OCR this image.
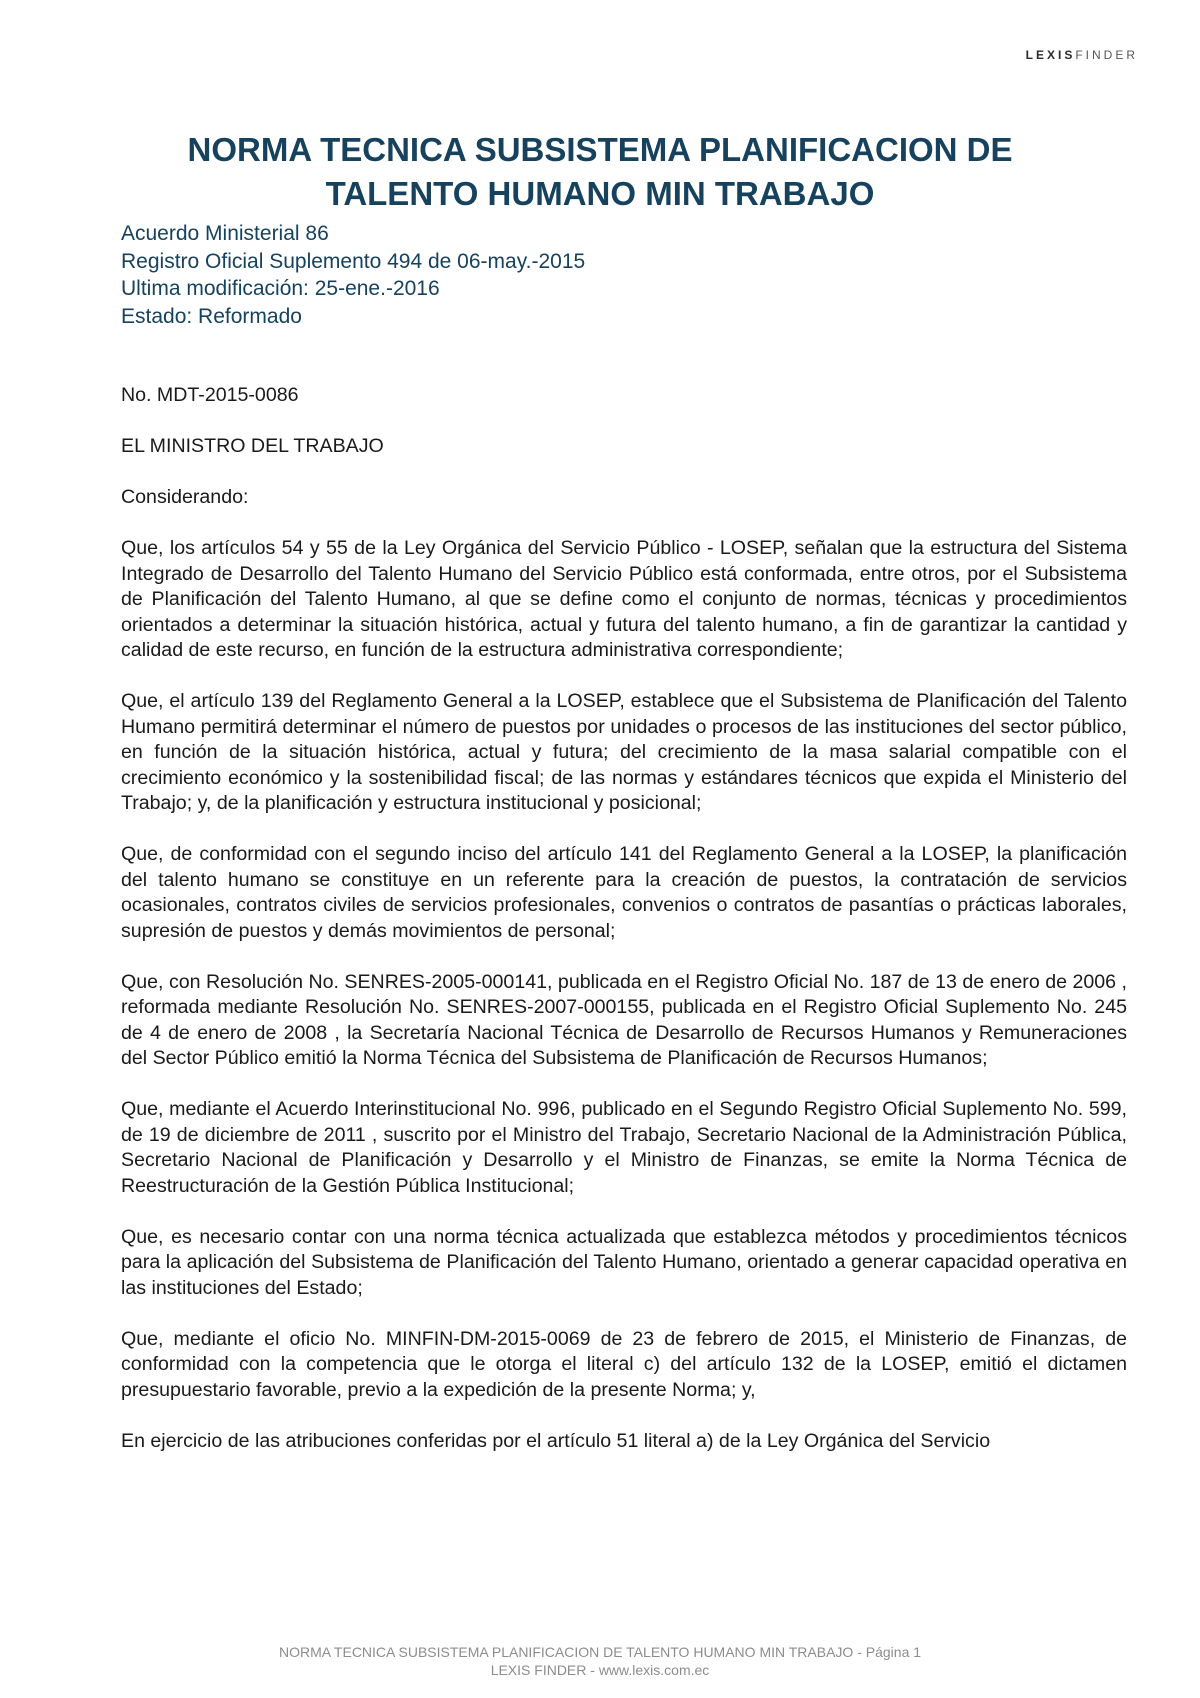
LEXISFINDER
NORMA TECNICA SUBSISTEMA PLANIFICACION DE TALENTO HUMANO MIN TRABAJO
Acuerdo Ministerial 86
Registro Oficial Suplemento 494 de 06-may.-2015
Ultima modificación: 25-ene.-2016
Estado: Reformado

No. MDT-2015-0086

EL MINISTRO DEL TRABAJO

Considerando:

Que, los artículos 54 y 55 de la Ley Orgánica del Servicio Público - LOSEP, señalan que la estructura del Sistema Integrado de Desarrollo del Talento Humano del Servicio Público está conformada, entre otros, por el Subsistema de Planificación del Talento Humano, al que se define como el conjunto de normas, técnicas y procedimientos orientados a determinar la situación histórica, actual y futura del talento humano, a fin de garantizar la cantidad y calidad de este recurso, en función de la estructura administrativa correspondiente;

Que, el artículo 139 del Reglamento General a la LOSEP, establece que el Subsistema de Planificación del Talento Humano permitirá determinar el número de puestos por unidades o procesos de las instituciones del sector público, en función de la situación histórica, actual y futura; del crecimiento de la masa salarial compatible con el crecimiento económico y la sostenibilidad fiscal; de las normas y estándares técnicos que expida el Ministerio del Trabajo; y, de la planificación y estructura institucional y posicional;

Que, de conformidad con el segundo inciso del artículo 141 del Reglamento General a la LOSEP, la planificación del talento humano se constituye en un referente para la creación de puestos, la contratación de servicios ocasionales, contratos civiles de servicios profesionales, convenios o contratos de pasantías o prácticas laborales, supresión de puestos y demás movimientos de personal;

Que, con Resolución No. SENRES-2005-000141, publicada en el Registro Oficial No. 187 de 13 de enero de 2006 , reformada mediante Resolución No. SENRES-2007-000155, publicada en el Registro Oficial Suplemento No. 245 de 4 de enero de 2008 , la Secretaría Nacional Técnica de Desarrollo de Recursos Humanos y Remuneraciones del Sector Público emitió la Norma Técnica del Subsistema de Planificación de Recursos Humanos;

Que, mediante el Acuerdo Interinstitucional No. 996, publicado en el Segundo Registro Oficial Suplemento No. 599, de 19 de diciembre de 2011 , suscrito por el Ministro del Trabajo, Secretario Nacional de la Administración Pública, Secretario Nacional de Planificación y Desarrollo y el Ministro de Finanzas, se emite la Norma Técnica de Reestructuración de la Gestión Pública Institucional;

Que, es necesario contar con una norma técnica actualizada que establezca métodos y procedimientos técnicos para la aplicación del Subsistema de Planificación del Talento Humano, orientado a generar capacidad operativa en las instituciones del Estado;

Que, mediante el oficio No. MINFIN-DM-2015-0069 de 23 de febrero de 2015, el Ministerio de Finanzas, de conformidad con la competencia que le otorga el literal c) del artículo 132 de la LOSEP, emitió el dictamen presupuestario favorable, previo a la expedición de la presente Norma; y,

En ejercicio de las atribuciones conferidas por el artículo 51 literal a) de la Ley Orgánica del Servicio

NORMA TECNICA SUBSISTEMA PLANIFICACION DE TALENTO HUMANO MIN TRABAJO - Página 1
LEXIS FINDER - www.lexis.com.ec
